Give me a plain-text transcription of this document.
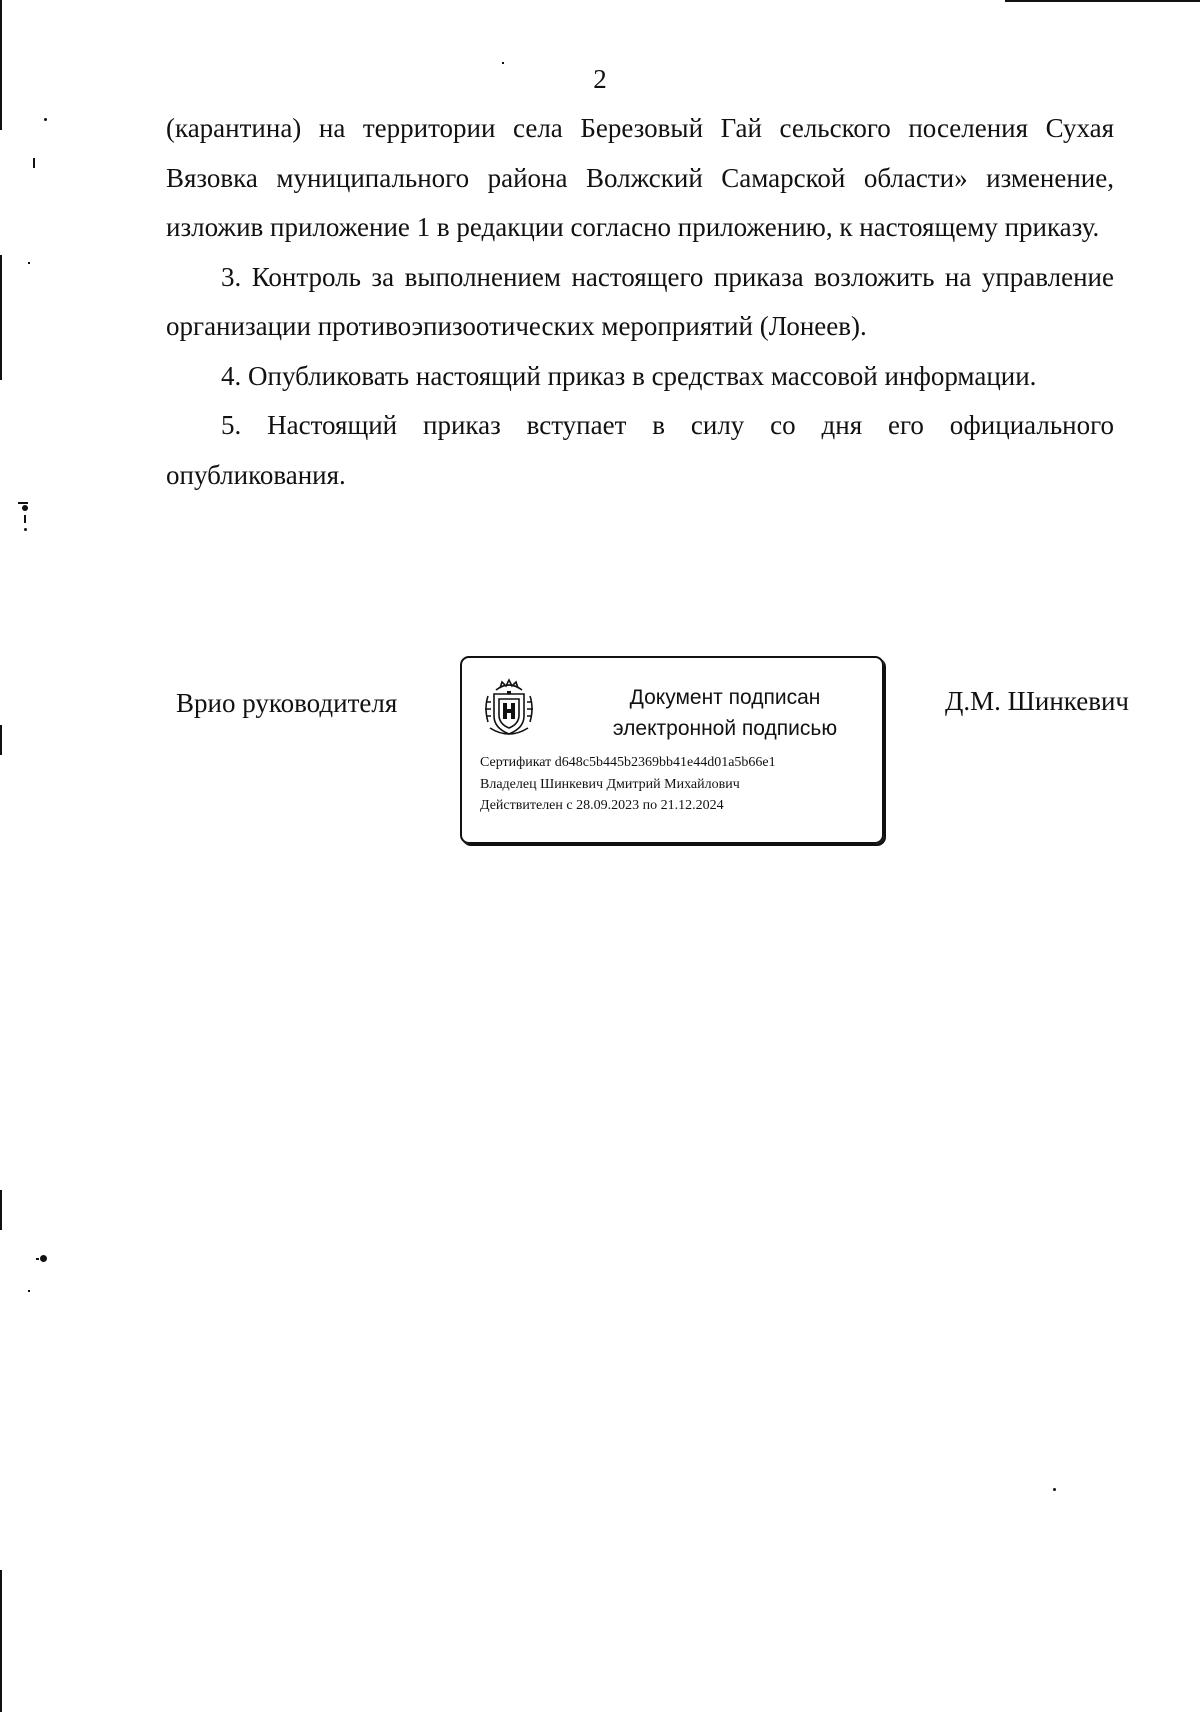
2

(карантина) на территории села Березовый Гай сельского поселения Сухая Вязовка муниципального района Волжский Самарской области» изменение, изложив приложение 1 в редакции согласно приложению, к настоящему приказу.

3. Контроль за выполнением настоящего приказа возложить на управление организации противоэпизоотических мероприятий (Лонеев).

4. Опубликовать настоящий приказ в средствах массовой информации.

5. Настоящий приказ вступает в силу со дня его официального опубликования.

Врио руководителя	Документ подписан
электронной подписью
Сертификат d648c5b445b2369bb41e44d01a5b66e1
Владелец Шинкевич Дмитрий Михайлович
Действителен с 28.09.2023 по 21.12.2024
Д.М. Шинкевич
